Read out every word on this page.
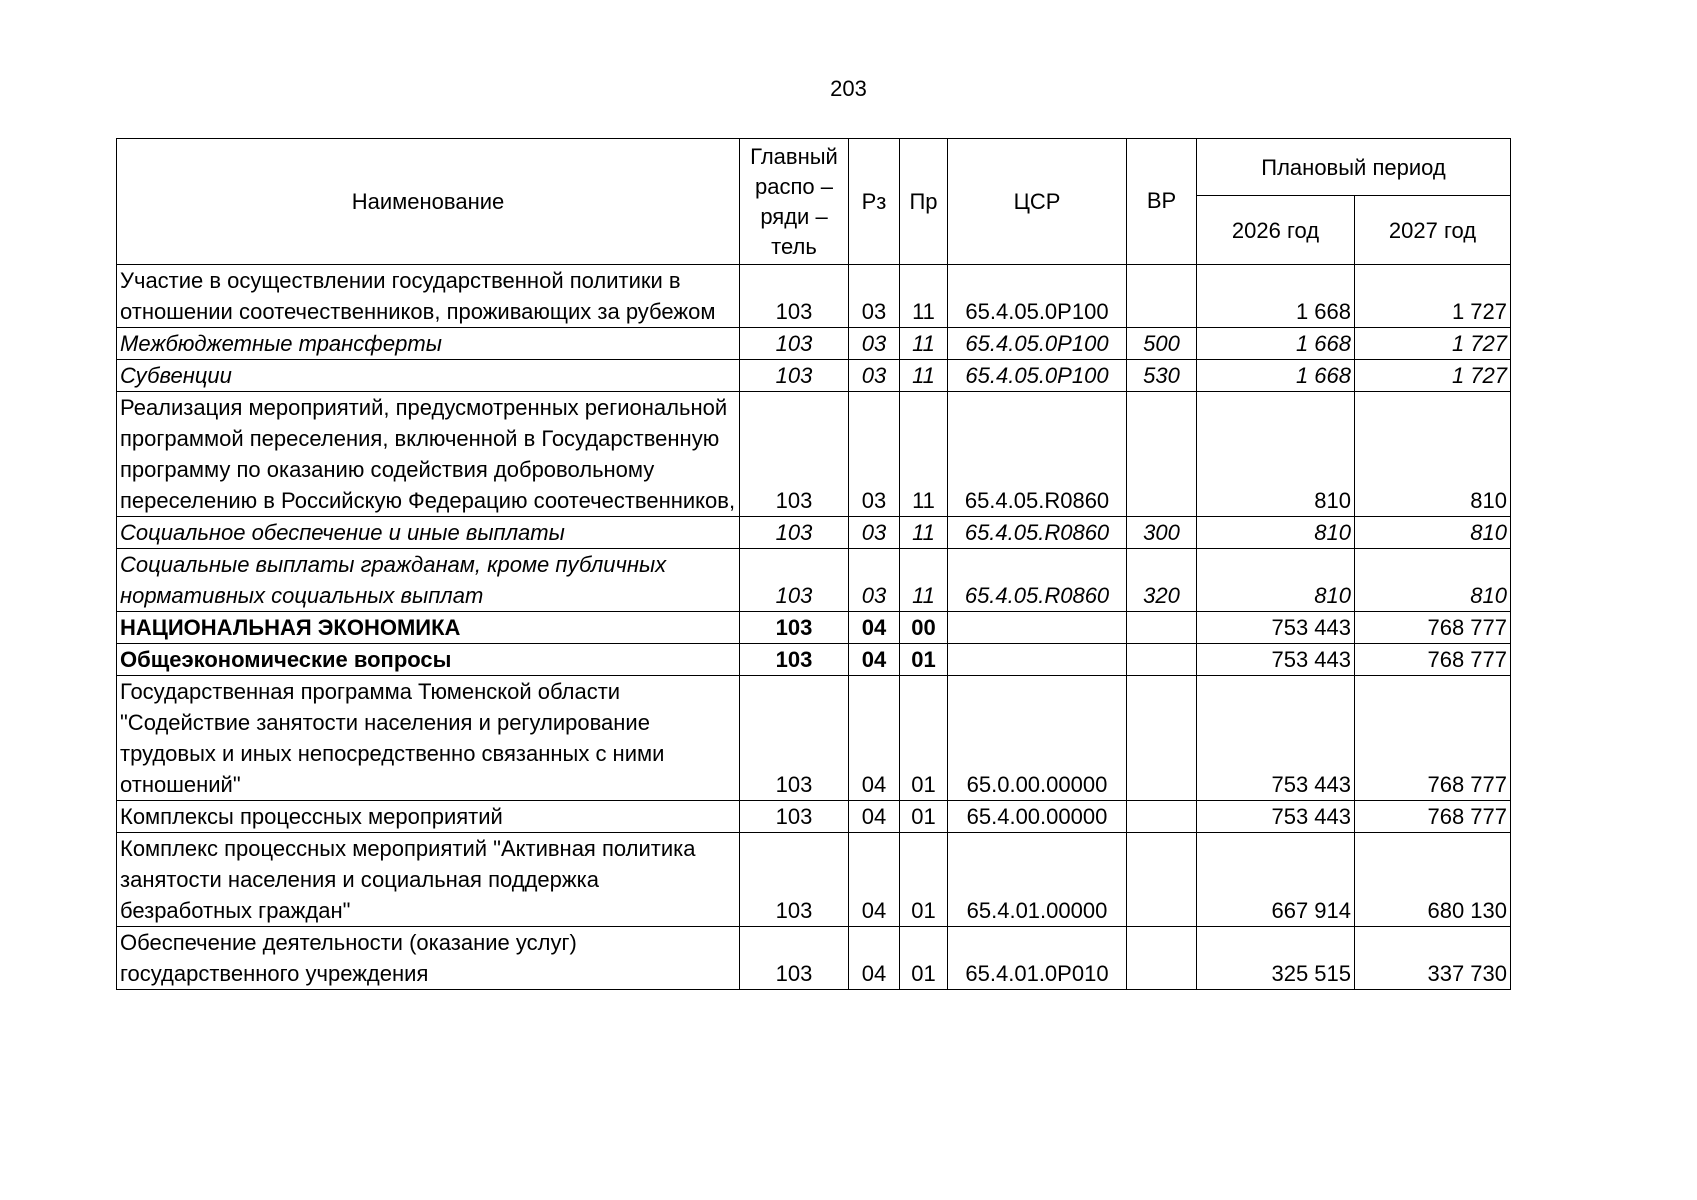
203
Наименование	Главный распо – ряди – тель	Рз	Пр	ЦСР	ВР	Плановый период	
						2026 год	2027 год
Участие в осуществлении государственной политики в отношении соотечественников, проживающих за рубежом	103	03	11	65.4.05.0P100		1 668	1 727
Межбюджетные трансферты	103	03	11	65.4.05.0P100	500	1 668	1 727
Субвенции	103	03	11	65.4.05.0P100	530	1 668	1 727
Реализация мероприятий, предусмотренных региональной программой переселения, включенной в Государственную программу по оказанию содействия добровольному переселению в Российскую Федерацию соотечественников,	103	03	11	65.4.05.R0860		810	810
Социальное обеспечение и иные выплаты	103	03	11	65.4.05.R0860	300	810	810
Социальные выплаты гражданам, кроме публичных нормативных социальных выплат	103	03	11	65.4.05.R0860	320	810	810
НАЦИОНАЛЬНАЯ ЭКОНОМИКА	103	04	00			753 443	768 777
Общеэкономические вопросы	103	04	01			753 443	768 777
Государственная программа Тюменской области "Содействие занятости населения и регулирование трудовых и иных непосредственно связанных с ними отношений"	103	04	01	65.0.00.00000		753 443	768 777
Комплексы процессных мероприятий	103	04	01	65.4.00.00000		753 443	768 777
Комплекс процессных мероприятий "Активная политика занятости населения и социальная поддержка безработных граждан"	103	04	01	65.4.01.00000		667 914	680 130
Обеспечение деятельности (оказание услуг) государственного учреждения	103	04	01	65.4.01.0P010		325 515	337 730
